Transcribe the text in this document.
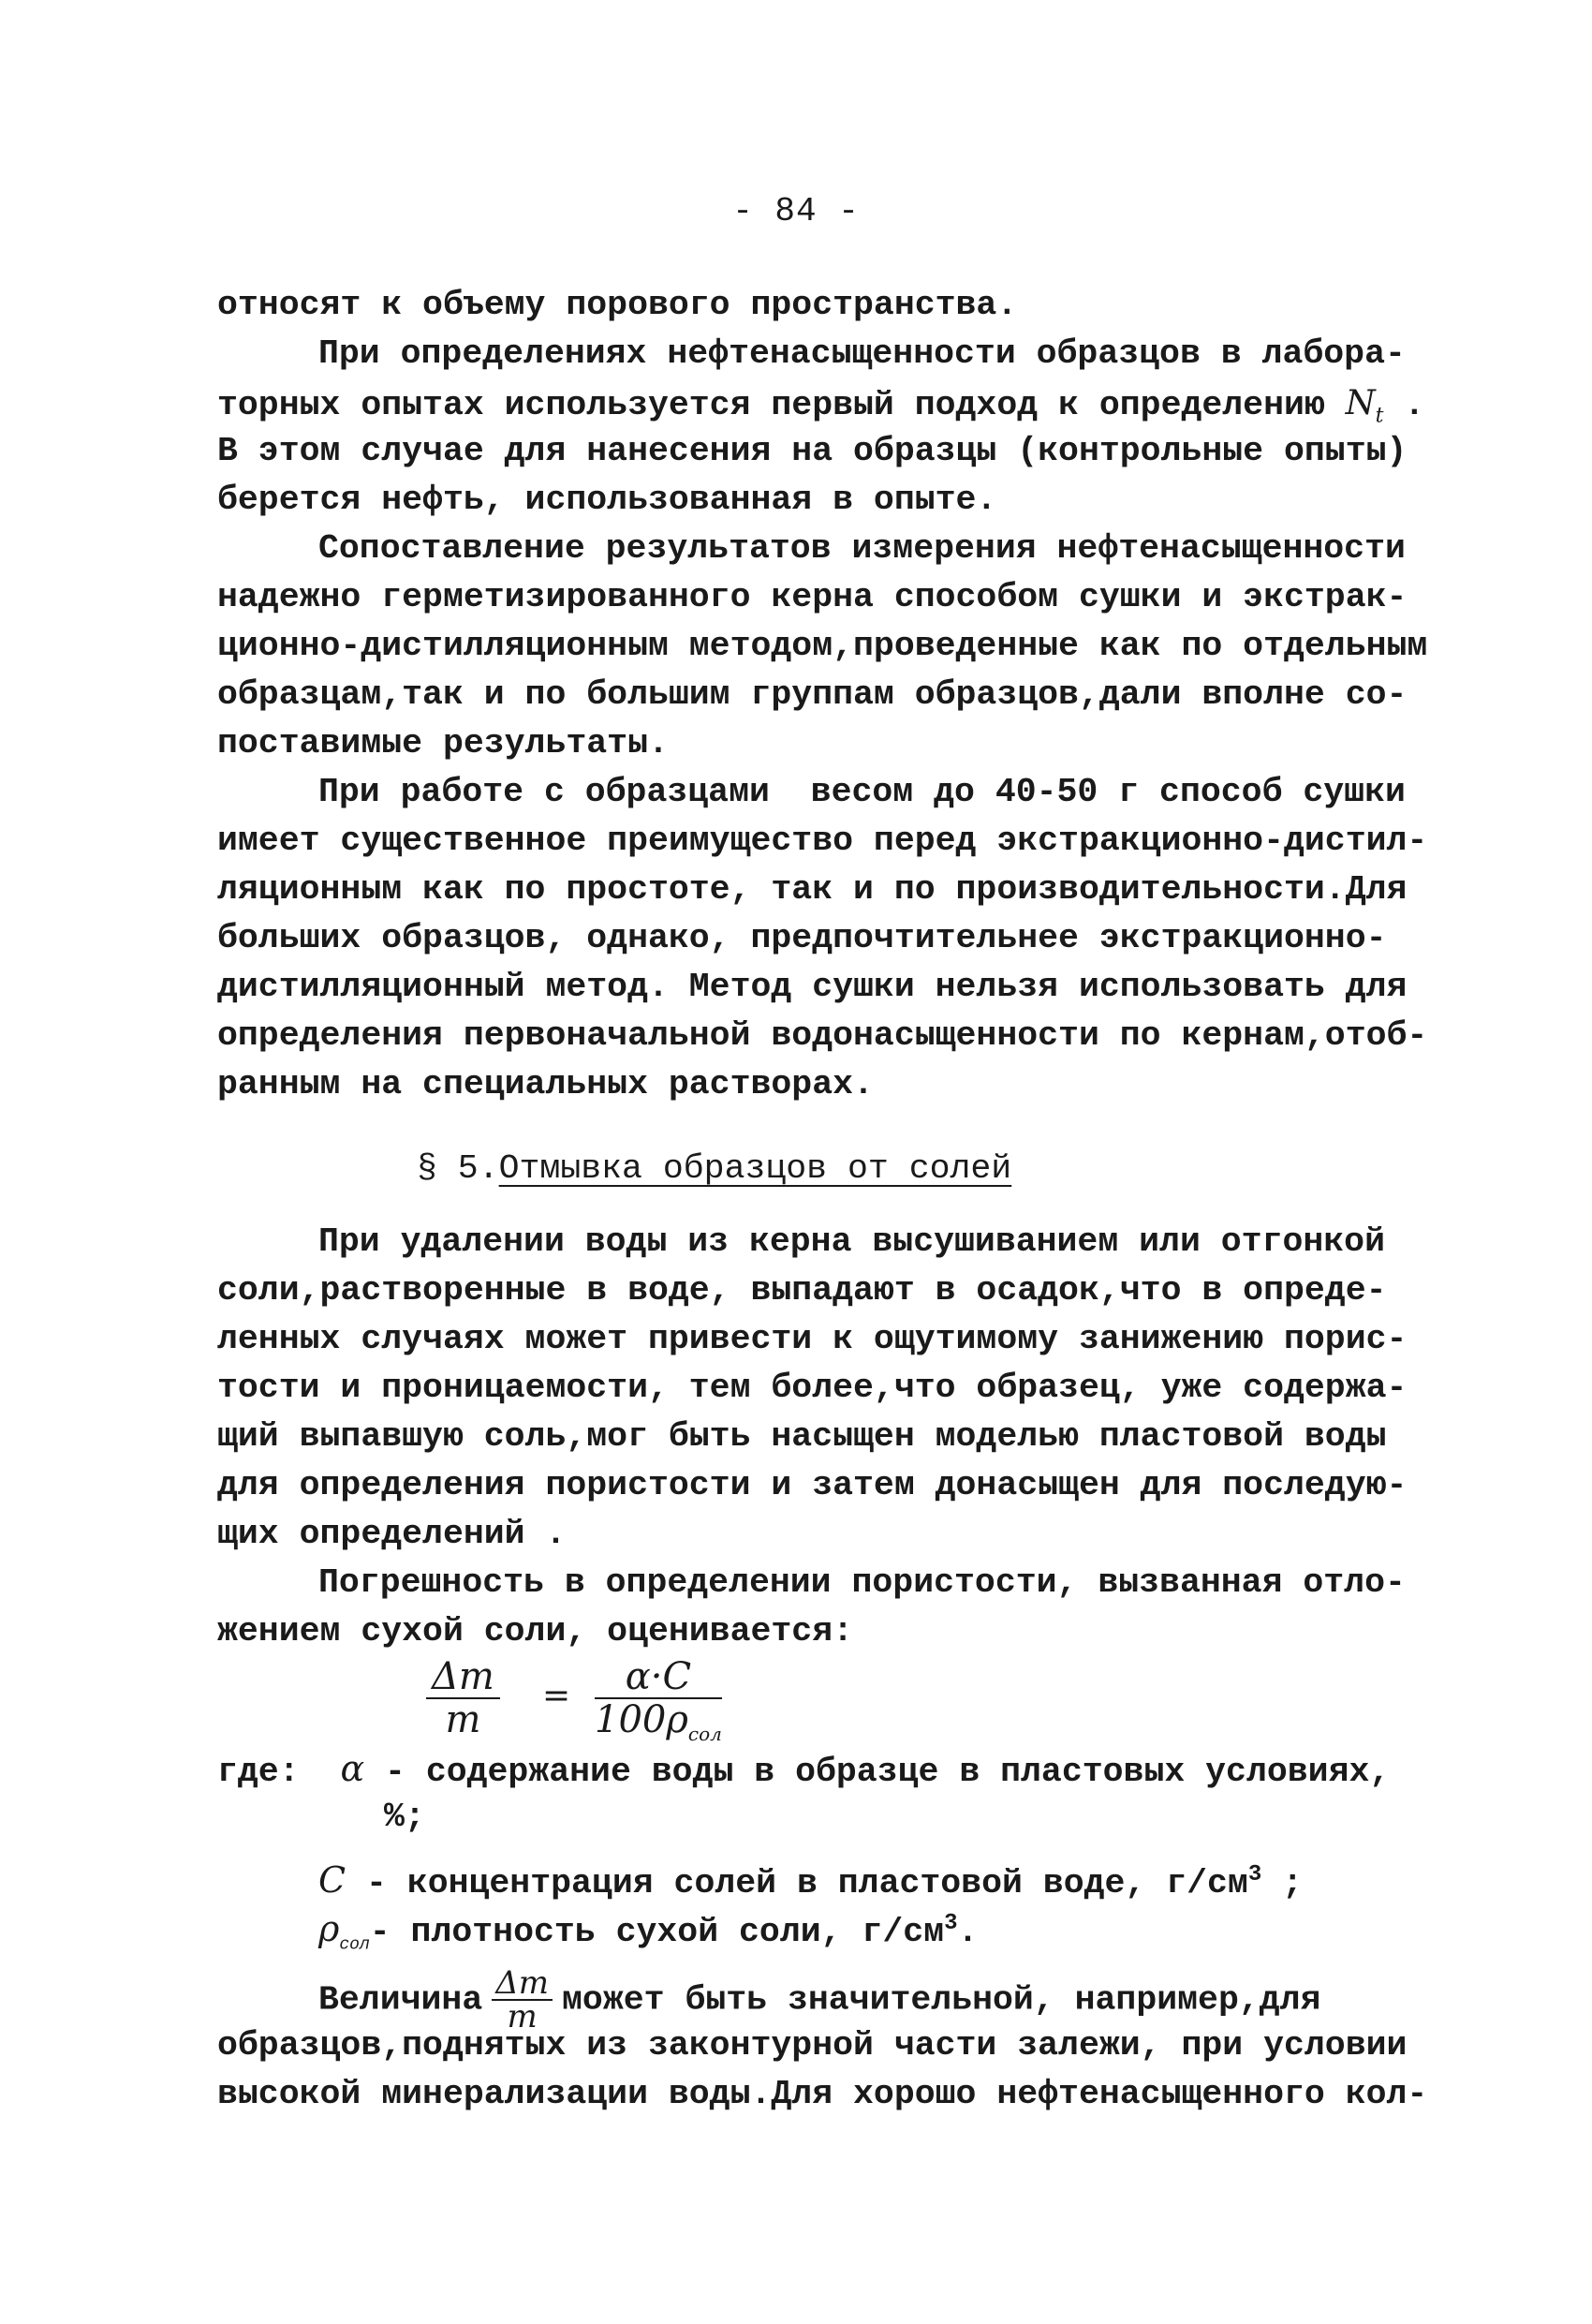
- 84 -
относят к объему порового пространства.
При определениях нефтенасыщенности образцов в лабора-
торных опытах используется первый подход к определению $N_t$ .
В этом случае для нанесения на образцы (контрольные опыты)
берется нефть, использованная в опыте.
Сопоставление результатов измерения нефтенасыщенности
надежно герметизированного керна способом сушки и экстрак-
ционно-дистилляционным методом,проведенные как по отдельным
образцам,так и по большим группам образцов,дали вполне со-
поставимые результаты.
При работе с образцами  весом до 40-50 г способ сушки
имеет существенное преимущество перед экстракционно-дистил-
ляционным как по простоте, так и по производительности.Для
больших образцов, однако, предпочтительнее экстракционно-
дистилляционный метод. Метод сушки нельзя использовать для
определения первоначальной водонасыщенности по кернам,отоб-
ранным на специальных растворах.
§ 5.Отмывка образцов от солей
При удалении воды из керна высушиванием или отгонкой
соли,растворенные в воде, выпадают в осадок,что в опреде-
ленных случаях может привести к ощутимому занижению порис-
тости и проницаемости, тем более,что образец, уже содержа-
щий выпавшую соль,мог быть насыщен моделью пластовой воды
для определения пористости и затем донасыщен для последую-
щих определений .
Погрешность в определении пористости, вызванная отло-
жением сухой соли, оценивается:
$\frac{\Delta m}{m}$ =	α·C
$100\rho_{сол}$
где: α - содержание воды в образце в пластовых условиях,
%;
C - концентрация солей в пластовой воде, $г/см^3$ ;
$\rho_{сол}-$ плотность сухой соли, $г/см^3$.
Величина $\frac{\Delta m}{m}$ может быть значительной, например,для
образцов,поднятых из законтурной части залежи, при условии
высокой минерализации воды.Для хорошо нефтенасыщенного кол-
